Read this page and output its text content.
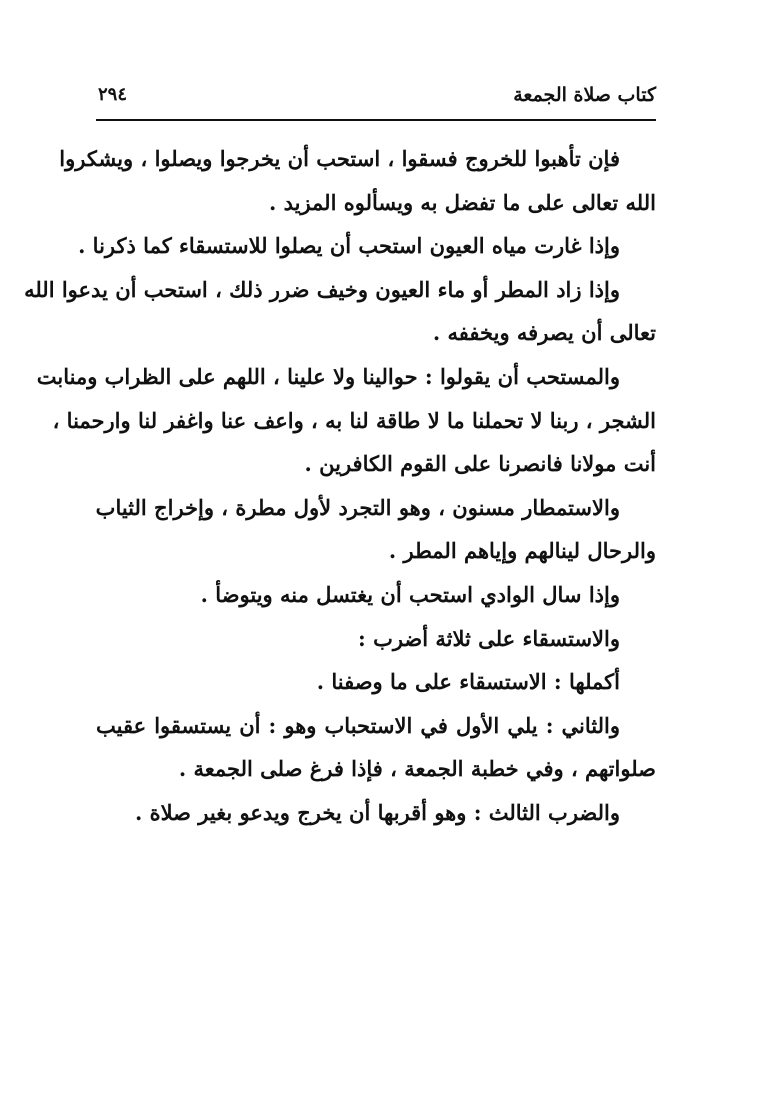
كتاب صلاة الجمعة
٢٩٤
فإن تأهبوا للخروج فسقوا ، استحب أن يخرجوا ويصلوا ، ويشكروا
الله تعالى على ما تفضل به ويسألوه المزيد .
وإذا غارت مياه العيون استحب أن يصلوا للاستسقاء كما ذكرنا .
وإذا زاد المطر أو ماء العيون وخيف ضرر ذلك ، استحب أن يدعوا الله
تعالى أن يصرفه ويخففه .
والمستحب أن يقولوا : حوالينا ولا علينا ، اللهم على الظراب ومنابت
الشجر ، ربنا لا تحملنا ما لا طاقة لنا به ، واعف عنا واغفر لنا وارحمنا ،
أنت مولانا فانصرنا على القوم الكافرين .
والاستمطار مسنون ، وهو التجرد لأول مطرة ، وإخراج الثياب
والرحال لينالهم وإياهم المطر .
وإذا سال الوادي استحب أن يغتسل منه ويتوضأ .
والاستسقاء على ثلاثة أضرب :
أكملها : الاستسقاء على ما وصفنا .
والثاني : يلي الأول في الاستحباب وهو : أن يستسقوا عقيب
صلواتهم ، وفي خطبة الجمعة ، فإذا فرغ صلى الجمعة .
والضرب الثالث : وهو أقربها أن يخرج ويدعو بغير صلاة .
